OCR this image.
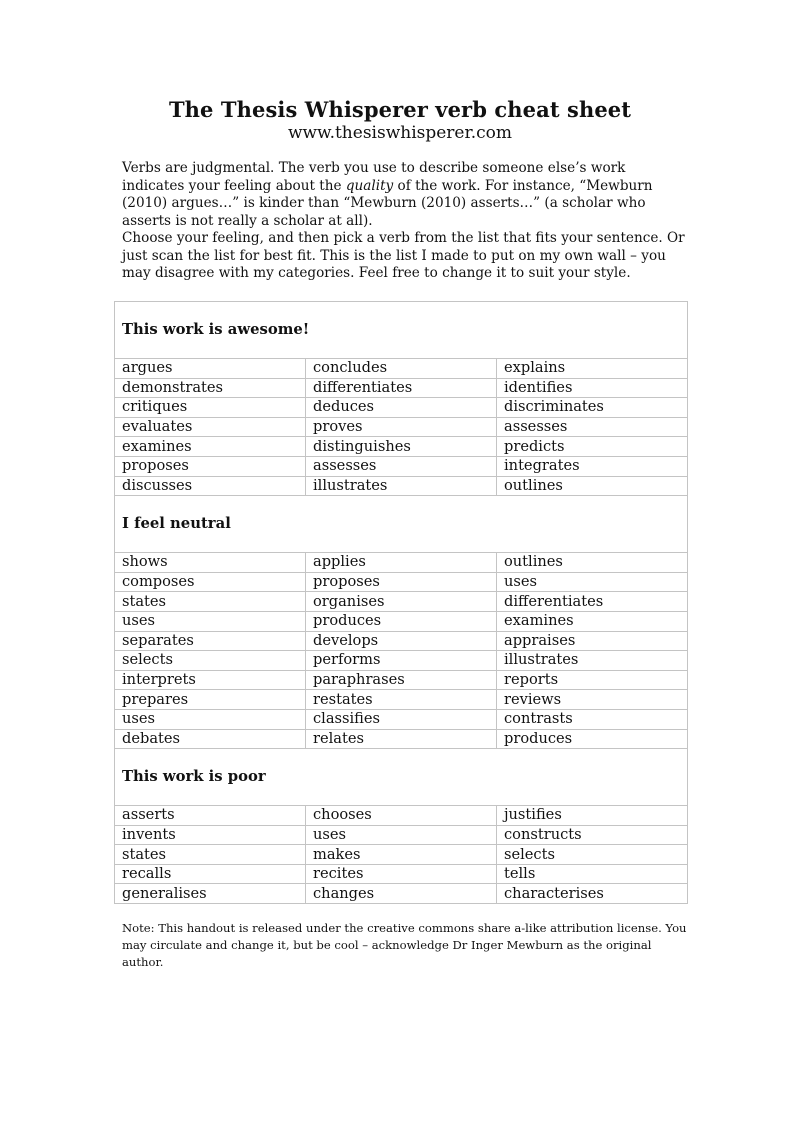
The Thesis Whisperer verb cheat sheet
www.thesiswhisperer.com
Verbs are judgmental. The verb you use to describe someone else’s work indicates your feeling about the quality of the work. For instance, “Mewburn (2010) argues…” is kinder than “Mewburn (2010) asserts…” (a scholar who asserts is not really a scholar at all).
Choose your feeling, and then pick a verb from the list that fits your sentence. Or just scan the list for best fit. This is the list I made to put on my own wall – you may disagree with my categories. Feel free to change it to suit your style.
This work is awesome!		
argues	concludes	explains
demonstrates	differentiates	identifies
critiques	deduces	discriminates
evaluates	proves	assesses
examines	distinguishes	predicts
proposes	assesses	integrates
discusses	illustrates	outlines
I feel neutral		
shows	applies	outlines
composes	proposes	uses
states	organises	differentiates
uses	produces	examines
separates	develops	appraises
selects	performs	illustrates
interprets	paraphrases	reports
prepares	restates	reviews
uses	classifies	contrasts
debates	relates	produces
This work is poor		
asserts	chooses	justifies
invents	uses	constructs
states	makes	selects
recalls	recites	tells
generalises	changes	characterises
Note: This handout is released under the creative commons share a-like attribution license. You may circulate and change it, but be cool – acknowledge Dr Inger Mewburn as the original author.
